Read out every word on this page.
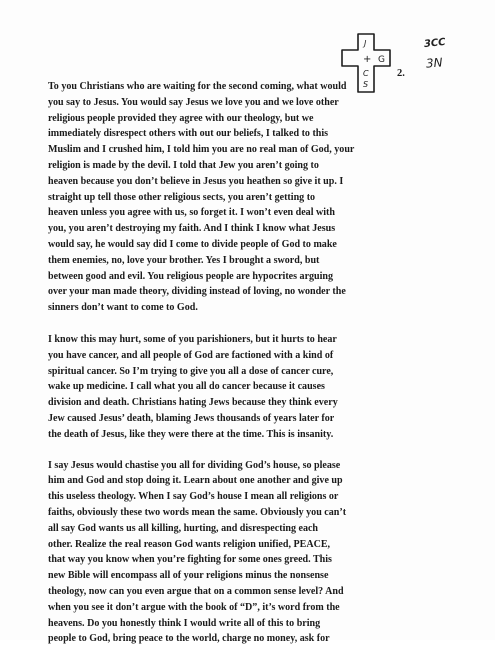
J
G
+
C
S
3CC
3N
2.

To you Christians who are waiting for the second coming, what would
you say to Jesus. You would say Jesus we love you and we love other
religious people provided they agree with our theology, but we
immediately disrespect others with out our beliefs, I talked to this
Muslim and I crushed him, I told him you are no real man of God, your
religion is made by the devil. I told that Jew you aren’t going to
heaven because you don’t believe in Jesus you heathen so give it up. I
straight up tell those other religious sects, you aren’t getting to
heaven unless you agree with us, so forget it. I won’t even deal with
you, you aren’t destroying my faith. And I think I know what Jesus
would say, he would say did I come to divide people of God to make
them enemies, no, love your brother. Yes I brought a sword, but
between good and evil. You religious people are hypocrites arguing
over your man made theory, dividing instead of loving, no wonder the
sinners don’t want to come to God.

I know this may hurt, some of you parishioners, but it hurts to hear
you have cancer, and all people of God are factioned with a kind of
spiritual cancer. So I’m trying to give you all a dose of cancer cure,
wake up medicine. I call what you all do cancer because it causes
division and death. Christians hating Jews because they think every
Jew caused Jesus’ death, blaming Jews thousands of years later for
the death of Jesus, like they were there at the time. This is insanity.

I say Jesus would chastise you all for dividing God’s house, so please
him and God and stop doing it. Learn about one another and give up
this useless theology. When I say God’s house I mean all religions or
faiths, obviously these two words mean the same. Obviously you can’t
all say God wants us all killing, hurting, and disrespecting each
other. Realize the real reason God wants religion unified, PEACE,
that way you know when you’re fighting for some ones greed. This
new Bible will encompass all of your religions minus the nonsense
theology, now can you even argue that on a common sense level? And
when you see it don’t argue with the book of “D”, it’s word from the
heavens. Do you honestly think I would write all of this to bring
people to God, bring peace to the world, charge no money, ask for
